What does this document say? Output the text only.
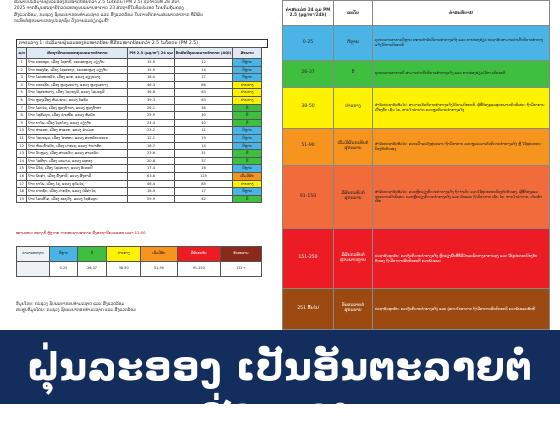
ສະພາບປະລິມານຝຸ່ນລະອອງຂະໜາດນ້ອຍກວ່າ 2.5 ໄມໂຄຣນ (PM 2.5) ປະຈຳວັນທີ 28 ມີນາ
2025 ຈາກຂໍ້ມູນສະຖານີກວດແທກຄຸນນະພາບອາກາດ 23 ສະຖານີໃນທົ່ວປະເທດ ໂດຍກົມຄຸ້ມຄອງ
ສິ່ງແວດລ້ອມ, ກະຊວງ ຊັບພະຍາກອນທຳມະຊາດ ແລະ ສິ່ງແວດລ້ອມ ໃນການຕິດຕາມສະພາບອາກາດ ທີ່ມີຜົນ
ກະທົບຕໍ່ສຸຂະພາບຂອງປະຊາຊົນ ດັ່ງລາຍລະອຽດລຸ່ມນີ້:
ຕາຕະລາງ 1: ປະລິມານຝຸ່ນລະອອງຂະໜາດນ້ອຍ ທີ່ມີຂະໜາດນ້ອຍກວ່າ 2.5 ໄມໂຄຣນ (PM 2.5)
ລ/ດ	ສະຖານີກວດແທກຄຸນນະພາບອາກາດ	PM 2.5 (µg/m³) 24 ຊມ	ດັດສະນີຄຸນນະພາບອາກາດ (AQI)	ສະພາບ
1	ບ້ານ ດອນໜູນ, ເມືອງ ໄຊທານີ, ນະຄອນຫຼວງ ວຽງຈັນ	15.9	12	ດີຫຼາຍ
2	ບ້ານ ໜອງບົກ, ເມືອງ ໄຊເສດຖາ, ນະຄອນຫຼວງ ວຽງຈັນ	15.9	14	ດີຫຼາຍ
3	ບ້ານ ໂພນສະຫວັນ, ເມືອງ ແປກ, ແຂວງ ຊຽງຂວາງ	18.0	17	ດີຫຼາຍ
4	ບ້ານ ດອນເກີນ, ເມືອງ ຫຼວງພະບາງ, ແຂວງ ຫຼວງພະບາງ	46.3	86	ປານກາງ
5	ບ້ານ ໄຊສະຫວ່າງ, ເມືອງ ໄຊຍະບູລີ, ແຂວງ ໄຊຍະບູລີ	36.8	63	ປານກາງ
6	ບ້ານ ຫຼວງເມືອງ ຫ້ວຍຊາຍ, ແຂວງ ບໍ່ແກ້ວ	39.3	63	ປານກາງ
7	ບ້ານ ໂພນໄຊ, ເມືອງ ຫຼວງນໍ້າທາ, ແຂວງ ຫຼວງນໍ້າທາ	26.1	36	ດີ
8	ບ້ານ ໄຊສົມບູນ, ເມືອງ ຊຳເໜືອ, ແຂວງ ຫົວພັນ	25.9	30	ດີ
9	ບ້ານ ນາໂພ, ເມືອງ ໂພນໂຮງ, ແຂວງ ວຽງຈັນ	24.4	40	ດີ
10	ບ້ານ ທ່າແຂກ, ເມືອງ ທ່າແຂກ, ແຂວງ ຄໍາມ່ວນ	23.2	11	ດີຫຼາຍ
11	ບ້ານ ໄຊຍະພູມ, ເມືອງ ໄກສອນ, ແຂວງ ສະຫວັນນະເຂດ	12.1	19	ດີຫຼາຍ
12	ບ້ານ ຫ້ວຍນໍ້າເຢັນ, ເມືອງ ປາກເຊ, ແຂວງ ຈໍາປາສັກ	16.7	14	ດີຫຼາຍ
13	ບ້ານ ວັດຫຼວງ, ເມືອງ ສາລະວັນ, ແຂວງ ສາລະວັນ	23.6	31	ດີ
14	ບ້ານ ໄຊສີຖາ, ເມືອງ ລະມາມ, ແຂວງ ເຊກອງ	20.8	37	ດີ
15	ບ້ານ ມີໄຊ, ເມືອງ ໄຊເສດຖາ, ແຂວງ ອັດຕະປື	17.4	16	ດີຫຼາຍ
16	ບ້ານ ພັນຄໍາ, ເມືອງ ພົ້ງສາລີ, ແຂວງ ຜົ້ງສາລີ	63.6	125	ເລີ່ມມີຜົນ
17	ບ້ານ ນາໂພ, ເມືອງ ໄຊ, ແຂວງ ອຸດົມໄຊ	46.4	85	ປານກາງ
18	ບ້ານ ປາກຊັນ, ເມືອງ ປາກຊັນ, ແຂວງ ບໍລິຄໍາໄຊ	18.9	17	ດີຫຼາຍ
19	ບ້ານ ໂພນສີໄຄ, ເມືອງ ອະນຸວົງ, ແຂວງ ໄຊສົມບູນ	29.9	42	ດີ
ໝາຍເຫດ: ສະຖານີ ຫຼັງຈາກ ຈາກສະພາບອາກາດ ຊື່ງສະຖານີກວດແທກ ເວລາ 12:00
ຄ່າມາດຕະຖານ	ດີຫຼາຍ	ດີ	ປານກາງ	ເລີ່ມມີຜົນ	ມີຜົນກະທົບ	ອັນຕະລາຍ
	0-25	26-37	38-50	51-90	91-150	151+
ຂໍ້ມູນໂດຍ: ກະຊວງ ຊັບພະຍາກອນທຳມະຊາດ ແລະ ສິ່ງແວດລ້ອມ
ສະຫຼຸບຂໍ້ມູນໂດຍ: ກະຊວງ ຊັບພະຍາກອນທຳມະຊາດ ແລະ ສິ່ງແວດລ້ອມ
ຄ່າສະເລ່ຍ 24 ຊມ PM 2.5 (µg/m³/24h)	ລະດັບ	ຄຳອະທິບາຍ
0-25	ດີຫຼາຍ	ຄຸນນະພາບອາກາດດີຫຼາຍ ເໝາະສຳລັບກິດຈະກຳກາງແຈ້ງ ແລະ ການທ່ອງທ່ຽວ ປະຊາຊົນສາມາດດຳເນີນກິດຈະກຳກາງແຈ້ງໄດ້ຕາມປົກກະຕິ
26-37	ດີ	ຄຸນນະພາບອາກາດດີ ສາມາດດຳເນີນກິດຈະກຳກາງແຈ້ງ ແລະ ການທ່ອງທ່ຽວໄດ້ຕາມປົກກະຕິ
38-50	ປານກາງ	ສຳລັບປະຊາຊົນທົ່ວໄປ: ສາມາດເຮັດກິດຈະກຳກາງແຈ້ງໄດ້ຕາມປົກກະຕິ. ຜູ້ທີ່ຕ້ອງດູແລສຸຂະພາບເປັນພິເສດ: ຖ້າມີອາການເບື້ອງຕົ້ນ ເຊັ່ນ ໄອ, ຫາຍໃຈລຳບາກ ຄວນຫຼຸດກິດຈະກຳກາງແຈ້ງ
51-90	ເລີ່ມມີຜົນກະທົບຕໍ່ສຸຂະພາບ	ສຳລັບປະຊາຊົນທົ່ວໄປ: ຄວນເຝົ້າລະວັງສຸຂະພາບ ຖ້າມີອາການ ຄວນຫຼຸດເວລາເຮັດກິດຈະກຳກາງແຈ້ງ ຫຼື ໃຊ້ອຸປະກອນປ້ອງກັນຕົນເອງ
91-150	ມີຜົນກະທົບຕໍ່ສຸຂະພາບ	ສຳລັບປະຊາຊົນທົ່ວໄປ: ຄວນຫຼີກລ່ຽງກິດຈະກຳກາງແຈ້ງ ຖ້າຈຳເປັນ ຄວນໃຊ້ອຸປະກອນປ້ອງກັນຕົນເອງ. ຜູ້ທີ່ຕ້ອງດູແລສຸຂະພາບເປັນພິເສດ: ຄວນຫຼີກລ່ຽງກິດຈະກຳກາງແຈ້ງ ແລະ ພົບແພດ ຖ້າມີອາການ ເຊັ່ນ ໄອ, ຫາຍໃຈລຳບາກ, ເຈັບໜ້າເອິກ
151-250	ມີຜົນກະທົບຕໍ່ສຸຂະພາບຫຼາຍ	ປະຊາຊົນທຸກຄົນ: ຄວນງົດກິດຈະກຳກາງແຈ້ງ ຫຼີກລ່ຽງພື້ນທີ່ທີ່ມີມົນລະພິດທາງອາກາດສູງ ແລະ ໃຊ້ອຸປະກອນປ້ອງກັນຕົນເອງ ຖ້າມີອາການຜິດປົກກະຕິ ຄວນພົບແພດ
251 ຂຶ້ນໄປ	ອັນຕະລາຍຕໍ່ສຸຂະພາບ	ປະຊາຊົນທຸກຄົນ: ຄວນງົດກິດຈະກຳກາງແຈ້ງ ແລະ ຢູ່ພາຍໃນອາຄານ ຖ້າມີອາການຜິດປົກກະຕິ ຄວນພົບແພດທັນທີ
ຝຸ່ນລະອອງ ເປັນອັນຕະລາຍຕໍ່ຮ່າງກາຍ
